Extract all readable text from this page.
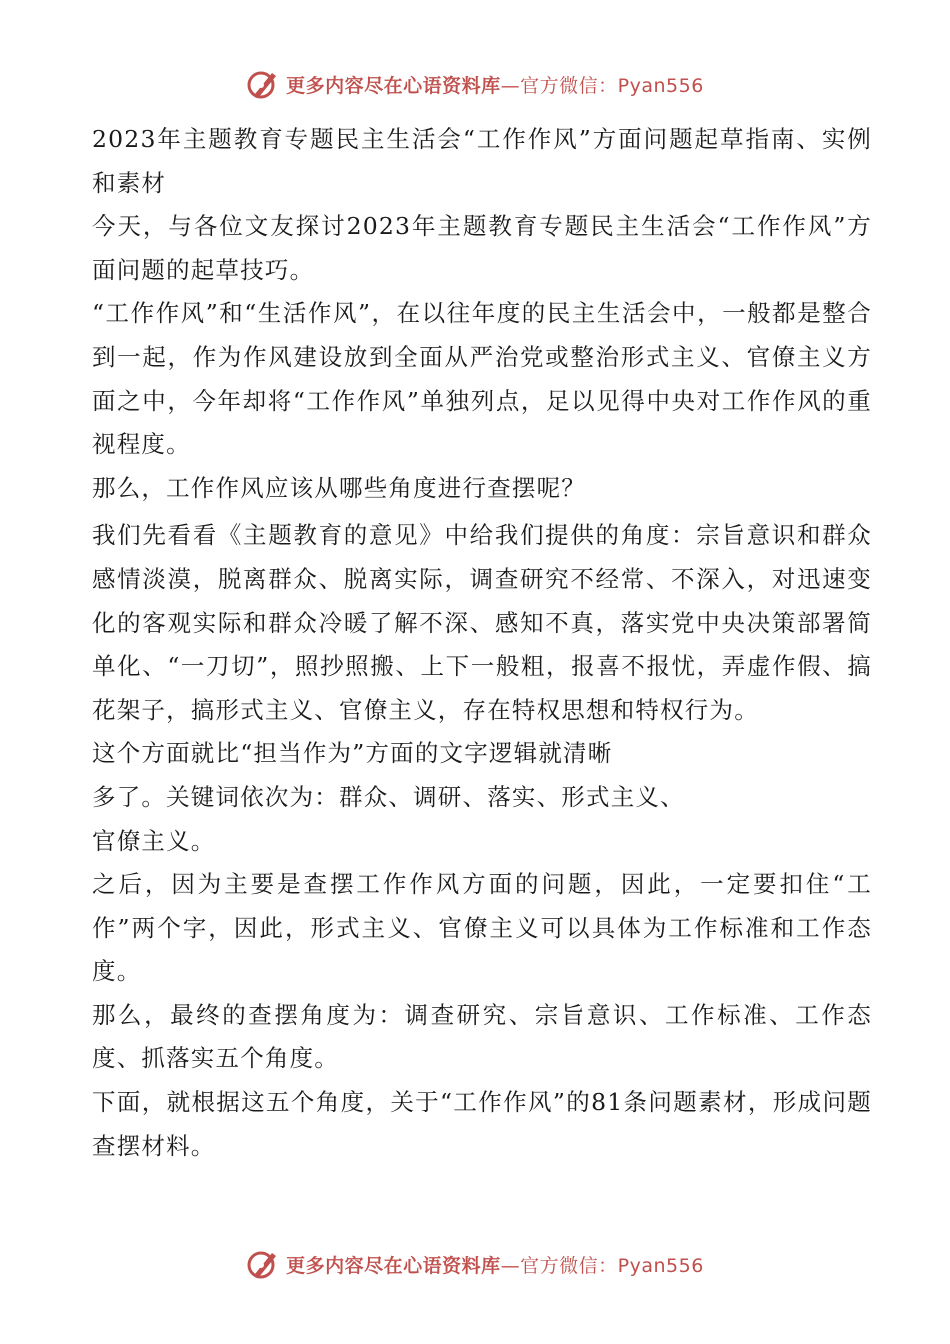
更多内容尽在心语资料库—官方微信：Pyan556

2023年主题教育专题民主生活会“工作作风”方面问题起草指南、实例和素材

今天，与各位文友探讨2023年主题教育专题民主生活会“工作作风”方面问题的起草技巧。

“工作作风”和“生活作风”，在以往年度的民主生活会中，一般都是整合到一起，作为作风建设放到全面从严治党或整治形式主义、官僚主义方面之中，今年却将“工作作风”单独列点，足以见得中央对工作作风的重视程度。

那么，工作作风应该从哪些角度进行查摆呢？

我们先看看《主题教育的意见》中给我们提供的角度：宗旨意识和群众感情淡漠，脱离群众、脱离实际，调查研究不经常、不深入，对迅速变化的客观实际和群众冷暖了解不深、感知不真，落实党中央决策部署简单化、“一刀切”，照抄照搬、上下一般粗，报喜不报忧，弄虚作假、搞花架子，搞形式主义、官僚主义，存在特权思想和特权行为。

这个方面就比“担当作为”方面的文字逻辑就清晰

多了。关键词依次为：群众、调研、落实、形式主义、

官僚主义。

之后，因为主要是查摆工作作风方面的问题，因此，一定要扣住“工作”两个字，因此，形式主义、官僚主义可以具体为工作标准和工作态度。

那么，最终的查摆角度为：调查研究、宗旨意识、工作标准、工作态度、抓落实五个角度。

下面，就根据这五个角度，关于“工作作风”的81条问题素材，形成问题查摆材料。

更多内容尽在心语资料库—官方微信：Pyan556
